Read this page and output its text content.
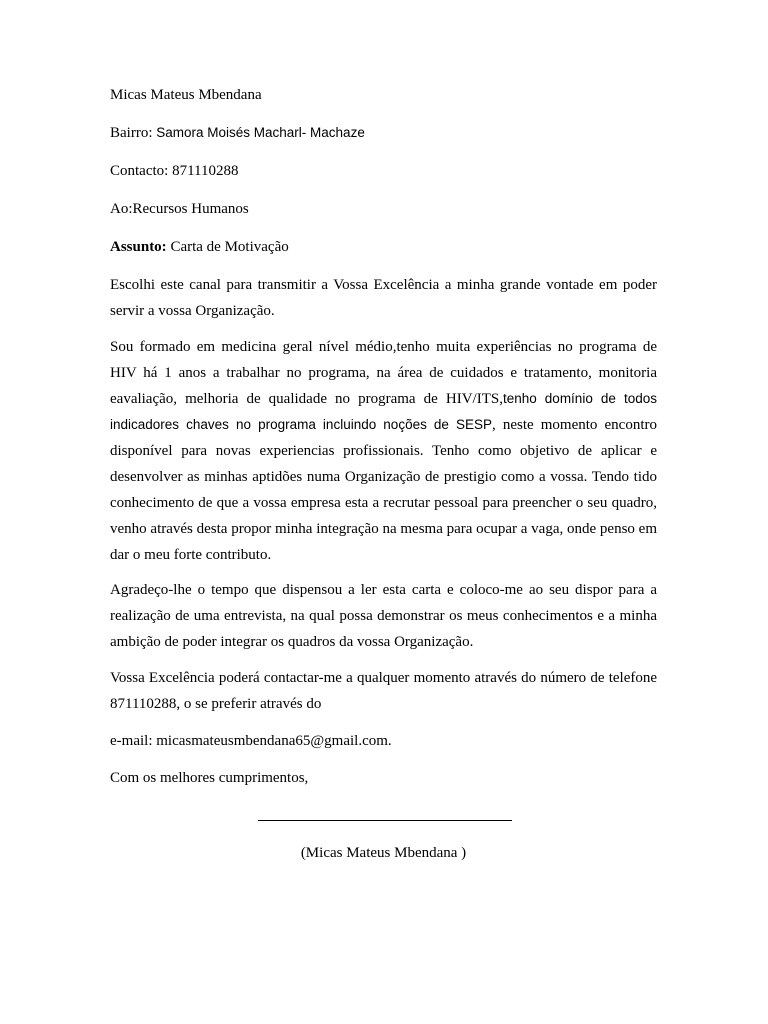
Micas Mateus Mbendana
Bairro: Samora Moisés Macharl- Machaze
Contacto: 871110288
Ao:Recursos Humanos
Assunto: Carta de Motivação
Escolhi este canal para transmitir a Vossa Excelência a minha grande vontade em poder servir a vossa Organização.
Sou formado em medicina geral nível médio,tenho muita experiências no programa de HIV há 1 anos a trabalhar no programa, na área de cuidados e tratamento, monitoria eavaliação, melhoria de qualidade no programa de HIV/ITS,tenho domínio de todos indicadores chaves no programa incluindo noções de SESP, neste momento encontro disponível para novas experiencias profissionais. Tenho como objetivo de aplicar e desenvolver as minhas aptidões numa Organização de prestigio como a vossa. Tendo tido conhecimento de que a vossa empresa esta a recrutar pessoal para preencher o seu quadro, venho através desta propor minha integração na mesma para ocupar a vaga, onde penso em dar o meu forte contributo.
Agradeço-lhe o tempo que dispensou a ler esta carta e coloco-me ao seu dispor para a realização de uma entrevista, na qual possa demonstrar os meus conhecimentos e a minha ambição de poder integrar os quadros da vossa Organização.
Vossa Excelência poderá contactar-me a qualquer momento através do número de telefone 871110288, o se preferir através do
e-mail: micasmateusmbendana65@gmail.com.
Com os melhores cumprimentos,
(Micas Mateus Mbendana )
